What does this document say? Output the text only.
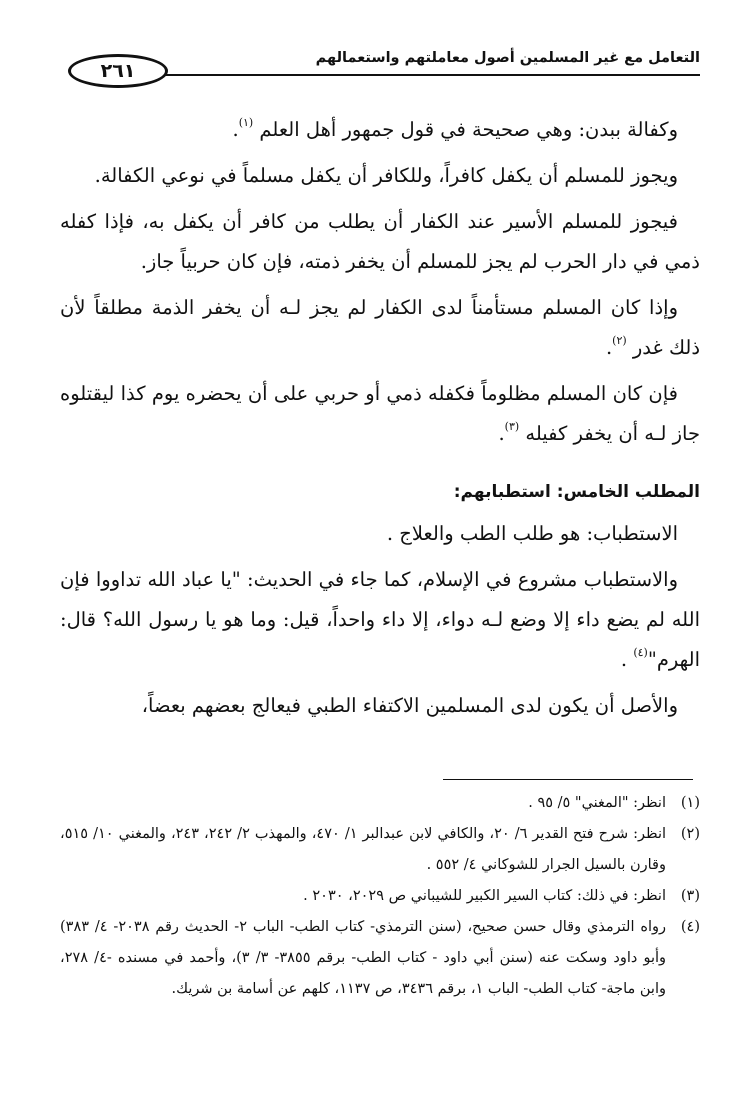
٢٦١
التعامل مع غير المسلمين أصول معاملتهم واستعمالهم

وكفالة ببدن: وهي صحيحة في قول جمهور أهل العلم $^{(١)}$.

ويجوز للمسلم أن يكفل كافراً، وللكافر أن يكفل مسلماً في نوعي الكفالة.

فيجوز للمسلم الأسير عند الكفار أن يطلب من كافر أن يكفل به، فإذا كفله ذمي في دار الحرب لم يجز للمسلم أن يخفر ذمته، فإن كان حربياً جاز.

وإذا كان المسلم مستأمناً لدى الكفار لم يجز لـه أن يخفر الذمة مطلقاً لأن ذلك غدر $^{(٢)}$.

فإن كان المسلم مظلوماً فكفله ذمي أو حربي على أن يحضره يوم كذا ليقتلوه جاز لـه أن يخفر كفيله $^{(٣)}$.

المطلب الخامس: استطبابهم:

الاستطباب: هو طلب الطب والعلاج .

والاستطباب مشروع في الإسلام، كما جاء في الحديث: "يا عباد الله تداووا فإن الله لم يضع داء إلا وضع لـه دواء، إلا داء واحداً، قيل: وما هو يا رسول الله؟ قال: الهرم"$^{(٤)}$ .

والأصل أن يكون لدى المسلمين الاكتفاء الطبي فيعالج بعضهم بعضاً،

(١)
انظر: "المغني" ٥/ ٩٥ .
(٢)
انظر: شرح فتح القدير ٦/ ٢٠، والكافي لابن عبدالبر ١/ ٤٧٠، والمهذب ٢/ ٢٤٢، ٢٤٣، والمغني ١٠/ ٥١٥، وقارن بالسيل الجرار للشوكاني ٤/ ٥٥٢ .
(٣)
انظر: في ذلك: كتاب السير الكبير للشيباني ص ٢٠٢٩، ٢٠٣٠ .
(٤)
رواه الترمذي وقال حسن صحيح، (سنن الترمذي- كتاب الطب- الباب ٢- الحديث رقم ٢٠٣٨- ٤/ ٣٨٣) وأبو داود وسكت عنه (سنن أبي داود - كتاب الطب- برقم ٣٨٥٥- ٣/ ٣)، وأحمد في مسنده -٤/ ٢٧٨، وابن ماجة- كتاب الطب- الباب ١، برقم ٣٤٣٦، ص ١١٣٧، كلهم عن أسامة بن شريك.
